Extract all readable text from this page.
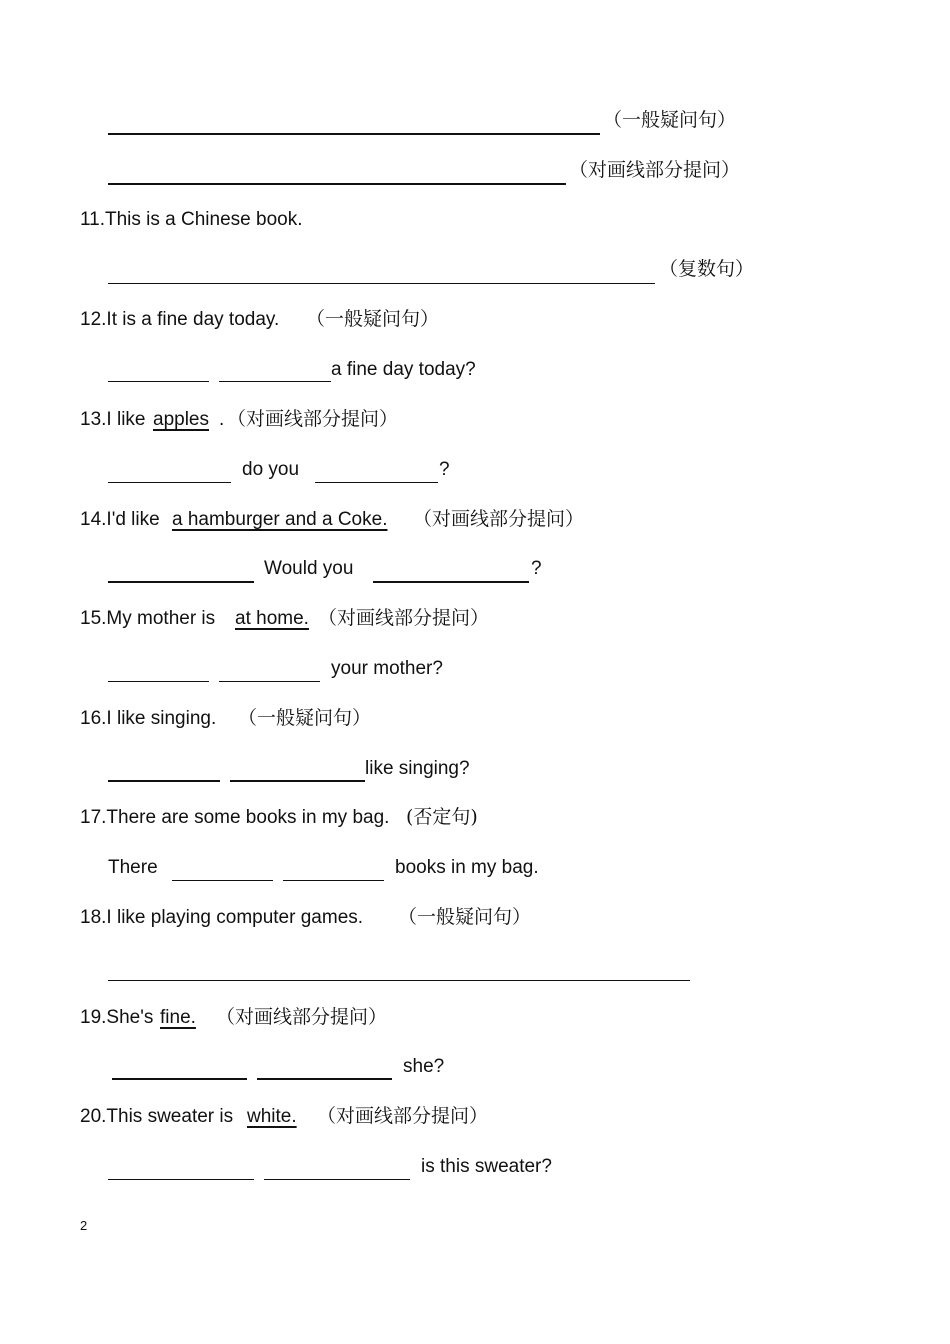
（一般疑问句）
（对画线部分提问）
11.This is a Chinese book.
（复数句）
12.It is a fine day today. （一般疑问句）
a fine day today?
13.I like apples . （对画线部分提问）
do you	?
14.I'd like a hamburger and a Coke. （对画线部分提问）
Would you	?
15.My mother is at home. （对画线部分提问）
your mother?
16.I like singing. （一般疑问句）
like singing?
17.There are some books in my bag. (否定句)
There	books in my bag.
18.I like playing computer games. （一般疑问句）
19.She's fine. （对画线部分提问）
she?
20.This sweater is white. （对画线部分提问）
is this sweater?
2
